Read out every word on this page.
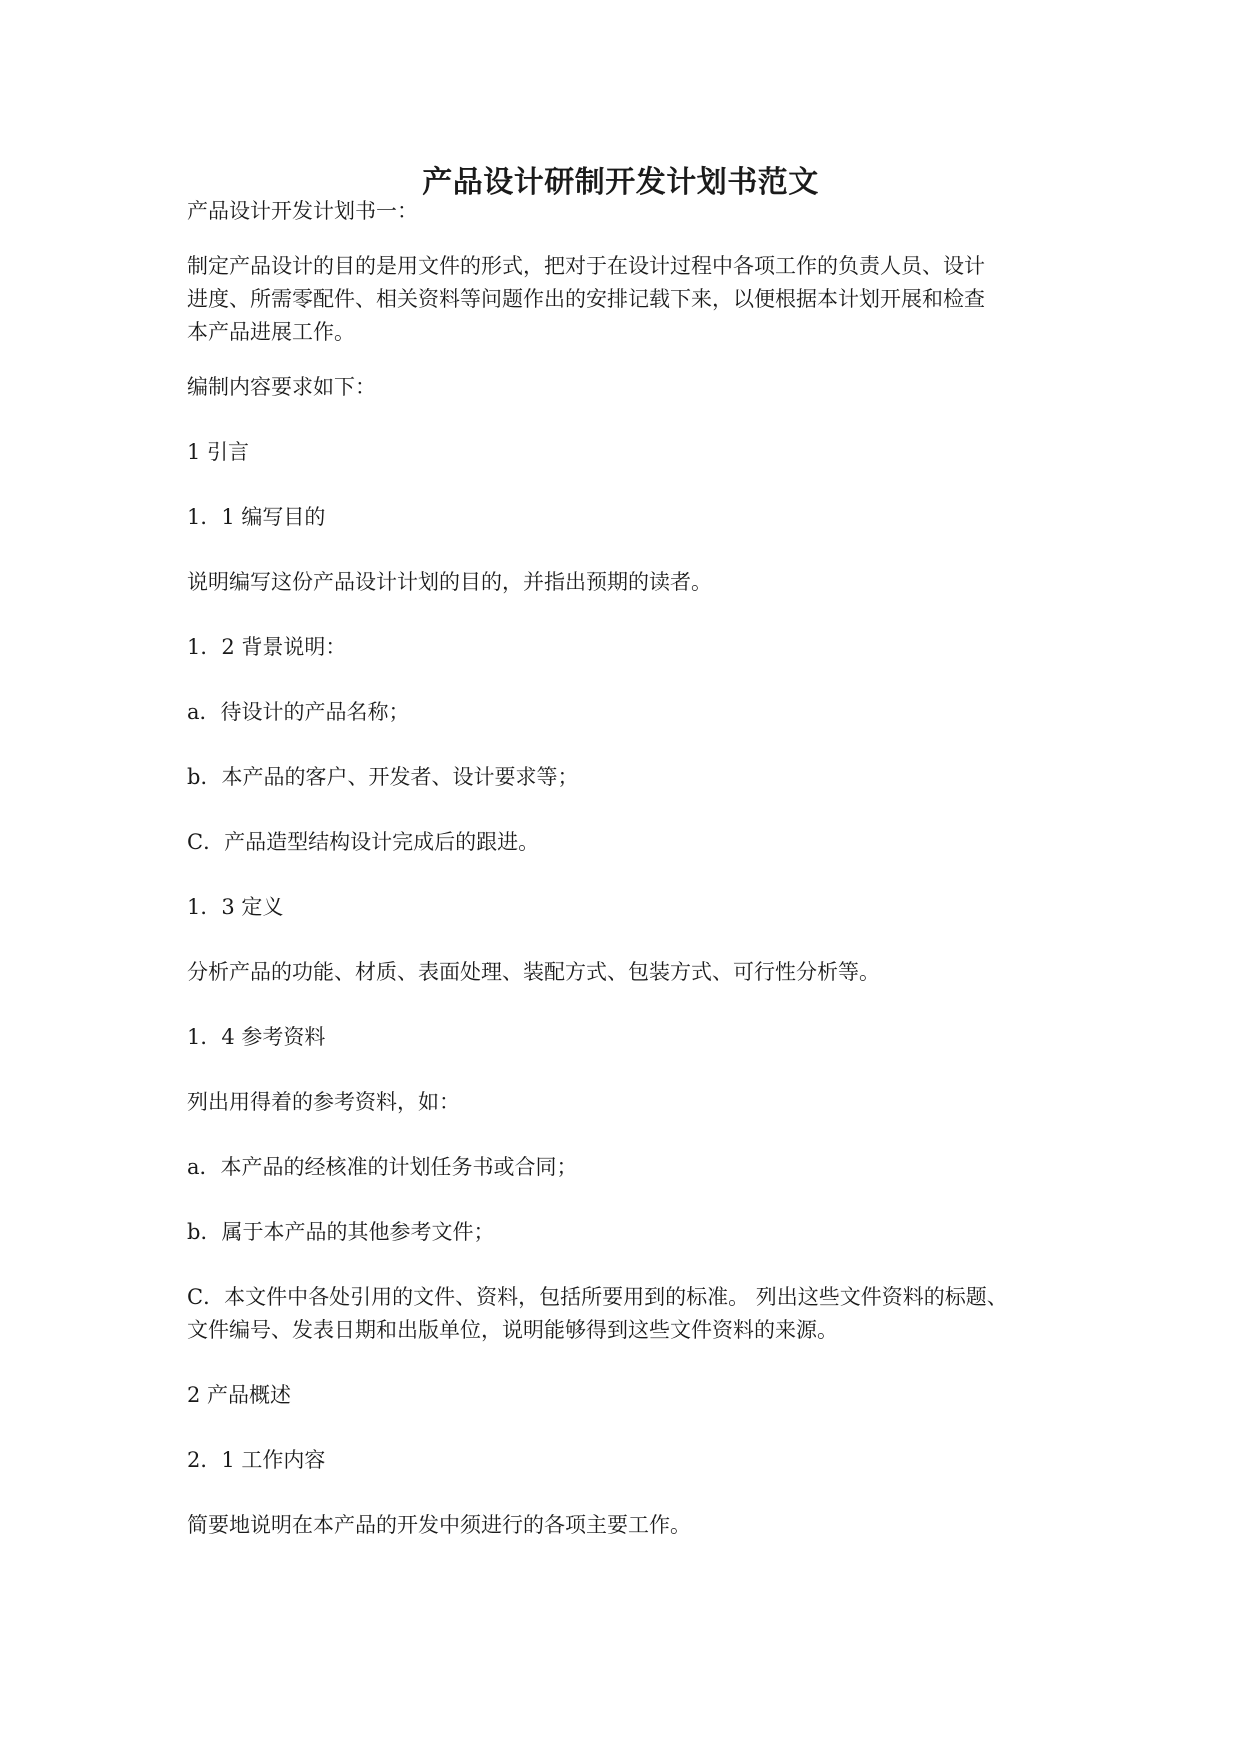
产品设计研制开发计划书范文
产品设计开发计划书一：
制定产品设计的目的是用文件的形式，把对于在设计过程中各项工作的负责人员、设计
进度、所需零配件、相关资料等问题作出的安排记载下来，以便根据本计划开展和检查
本产品进展工作。
编制内容要求如下：
1 引言
1．1 编写目的
说明编写这份产品设计计划的目的，并指出预期的读者。
1．2 背景说明：
a．待设计的产品名称；
b．本产品的客户、开发者、设计要求等；
C．产品造型结构设计完成后的跟进。
1．3 定义
分析产品的功能、材质、表面处理、装配方式、包装方式、可行性分析等。
1．4 参考资料
列出用得着的参考资料，如：
a．本产品的经核准的计划任务书或合同；
b．属于本产品的其他参考文件；
C．本文件中各处引用的文件、资料，包括所要用到的标准。 列出这些文件资料的标题、
文件编号、发表日期和出版单位，说明能够得到这些文件资料的来源。
2 产品概述
2．1 工作内容
简要地说明在本产品的开发中须进行的各项主要工作。
